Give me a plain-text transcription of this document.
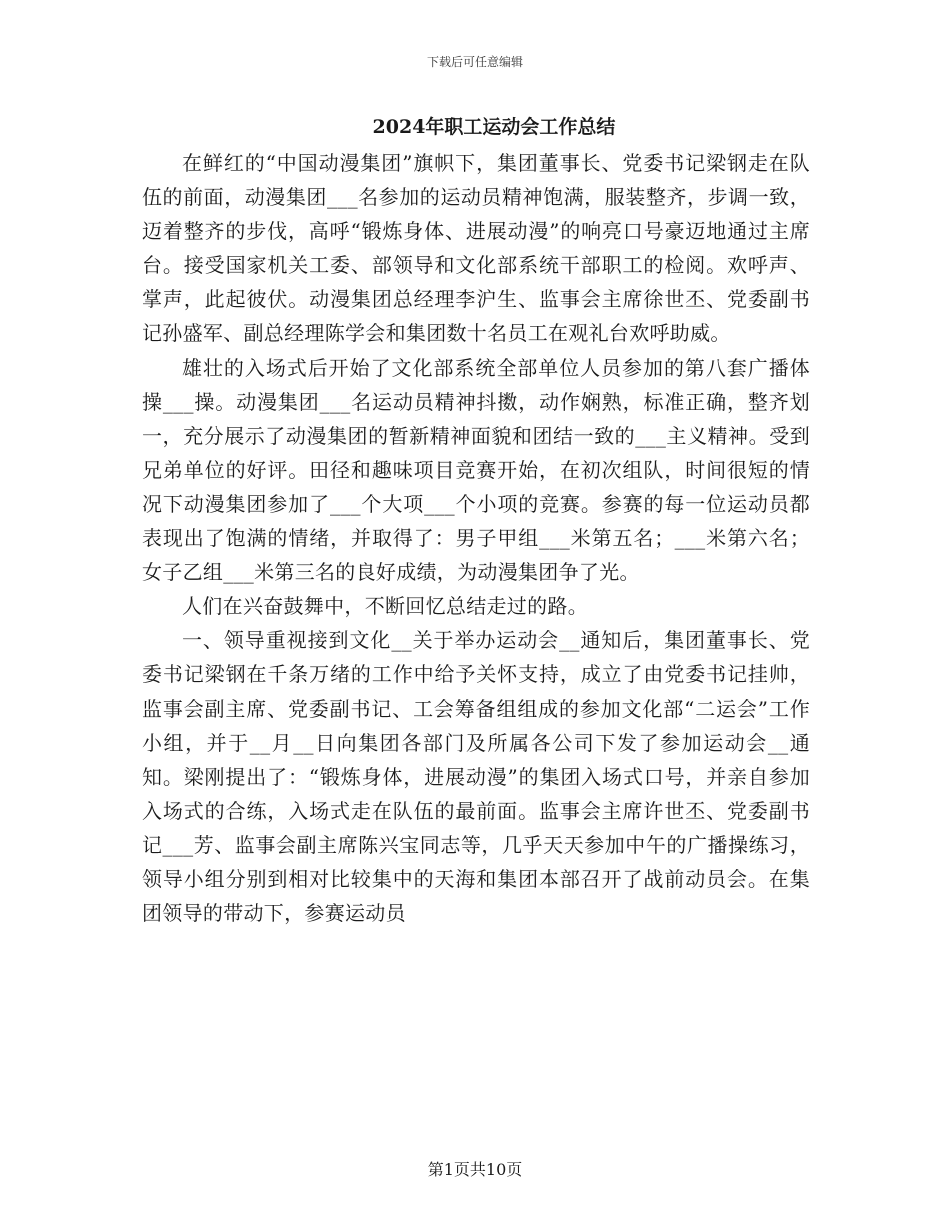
下载后可任意编辑
2024年职工运动会工作总结

在鲜红的“中国动漫集团”旗帜下，集团董事长、党委书记梁钢走在队伍的前面，动漫集团___名参加的运动员精神饱满，服装整齐，步调一致，迈着整齐的步伐，高呼“锻炼身体、进展动漫”的响亮口号豪迈地通过主席台。接受国家机关工委、部领导和文化部系统干部职工的检阅。欢呼声、掌声，此起彼伏。动漫集团总经理李沪生、监事会主席徐世丕、党委副书记孙盛军、副总经理陈学会和集团数十名员工在观礼台欢呼助威。

雄壮的入场式后开始了文化部系统全部单位人员参加的第八套广播体操___操。动漫集团___名运动员精神抖擞，动作娴熟，标准正确，整齐划一，充分展示了动漫集团的暂新精神面貌和团结一致的___主义精神。受到兄弟单位的好评。田径和趣味项目竞赛开始，在初次组队，时间很短的情况下动漫集团参加了___个大项___个小项的竞赛。参赛的每一位运动员都表现出了饱满的情绪，并取得了：男子甲组___米第五名；___米第六名；女子乙组___米第三名的良好成绩，为动漫集团争了光。

人们在兴奋鼓舞中，不断回忆总结走过的路。

一、领导重视接到文化__关于举办运动会__通知后，集团董事长、党委书记梁钢在千条万绪的工作中给予关怀支持，成立了由党委书记挂帅，监事会副主席、党委副书记、工会筹备组组成的参加文化部“二运会”工作小组，并于__月__日向集团各部门及所属各公司下发了参加运动会__通知。梁刚提出了：“锻炼身体，进展动漫”的集团入场式口号，并亲自参加入场式的合练，入场式走在队伍的最前面。监事会主席许世丕、党委副书记___芳、监事会副主席陈兴宝同志等，几乎天天参加中午的广播操练习，领导小组分别到相对比较集中的天海和集团本部召开了战前动员会。在集团领导的带动下，参赛运动员

第1页共10页
